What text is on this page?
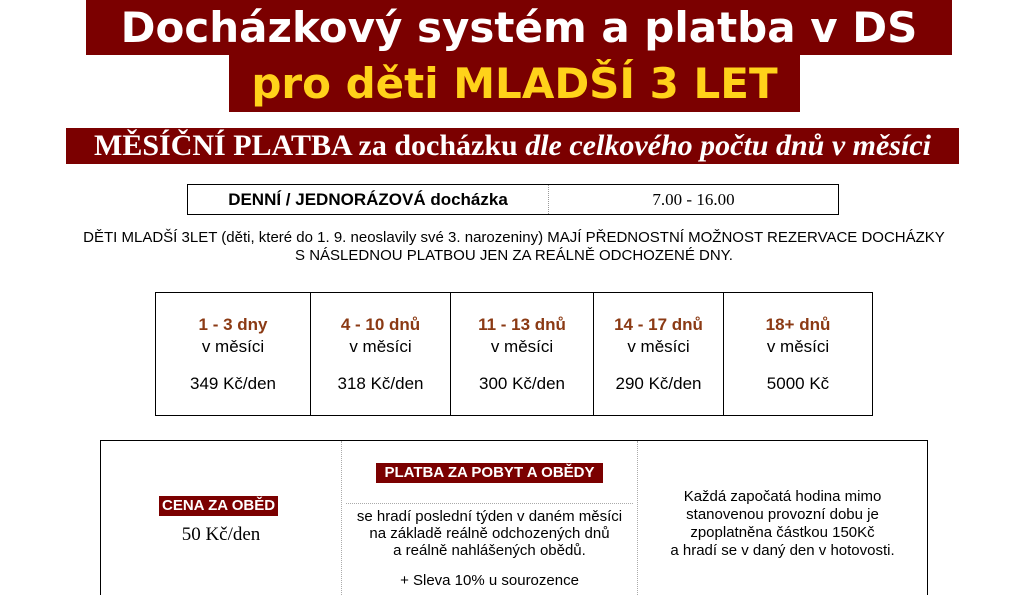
Docházkový systém a platba v DS
pro děti MLADŠÍ 3 LET
MĚSÍČNÍ PLATBA za docházku dle celkového počtu dnů v měsíci
DENNÍ / JEDNORÁZOVÁ docházka	7.00 - 16.00
DĚTI MLADŠÍ 3LET (děti, které do 1. 9. neoslavily své 3. narozeniny) MAJÍ PŘEDNOSTNÍ MOŽNOST REZERVACE DOCHÁZKY
S NÁSLEDNOU PLATBOU JEN ZA REÁLNĚ ODCHOZENÉ DNY.
1 - 3 dny
v měsíci
349 Kč/den
4 - 10 dnů
v měsíci
318 Kč/den
11 - 13 dnů
v měsíci
300 Kč/den
14 - 17 dnů
v měsíci
290 Kč/den
18+ dnů
v měsíci
5000 Kč
CENA ZA OBĚD
50 Kč/den
PLATBA ZA POBYT A OBĚDY
se hradí poslední týden v daném měsíci
na základě reálně odchozených dnů
a reálně nahlášených obědů.
+ Sleva 10% u sourozence
Každá započatá hodina mimo
stanovenou provozní dobu je
zpoplatněna částkou 150Kč
a hradí se v daný den v hotovosti.
